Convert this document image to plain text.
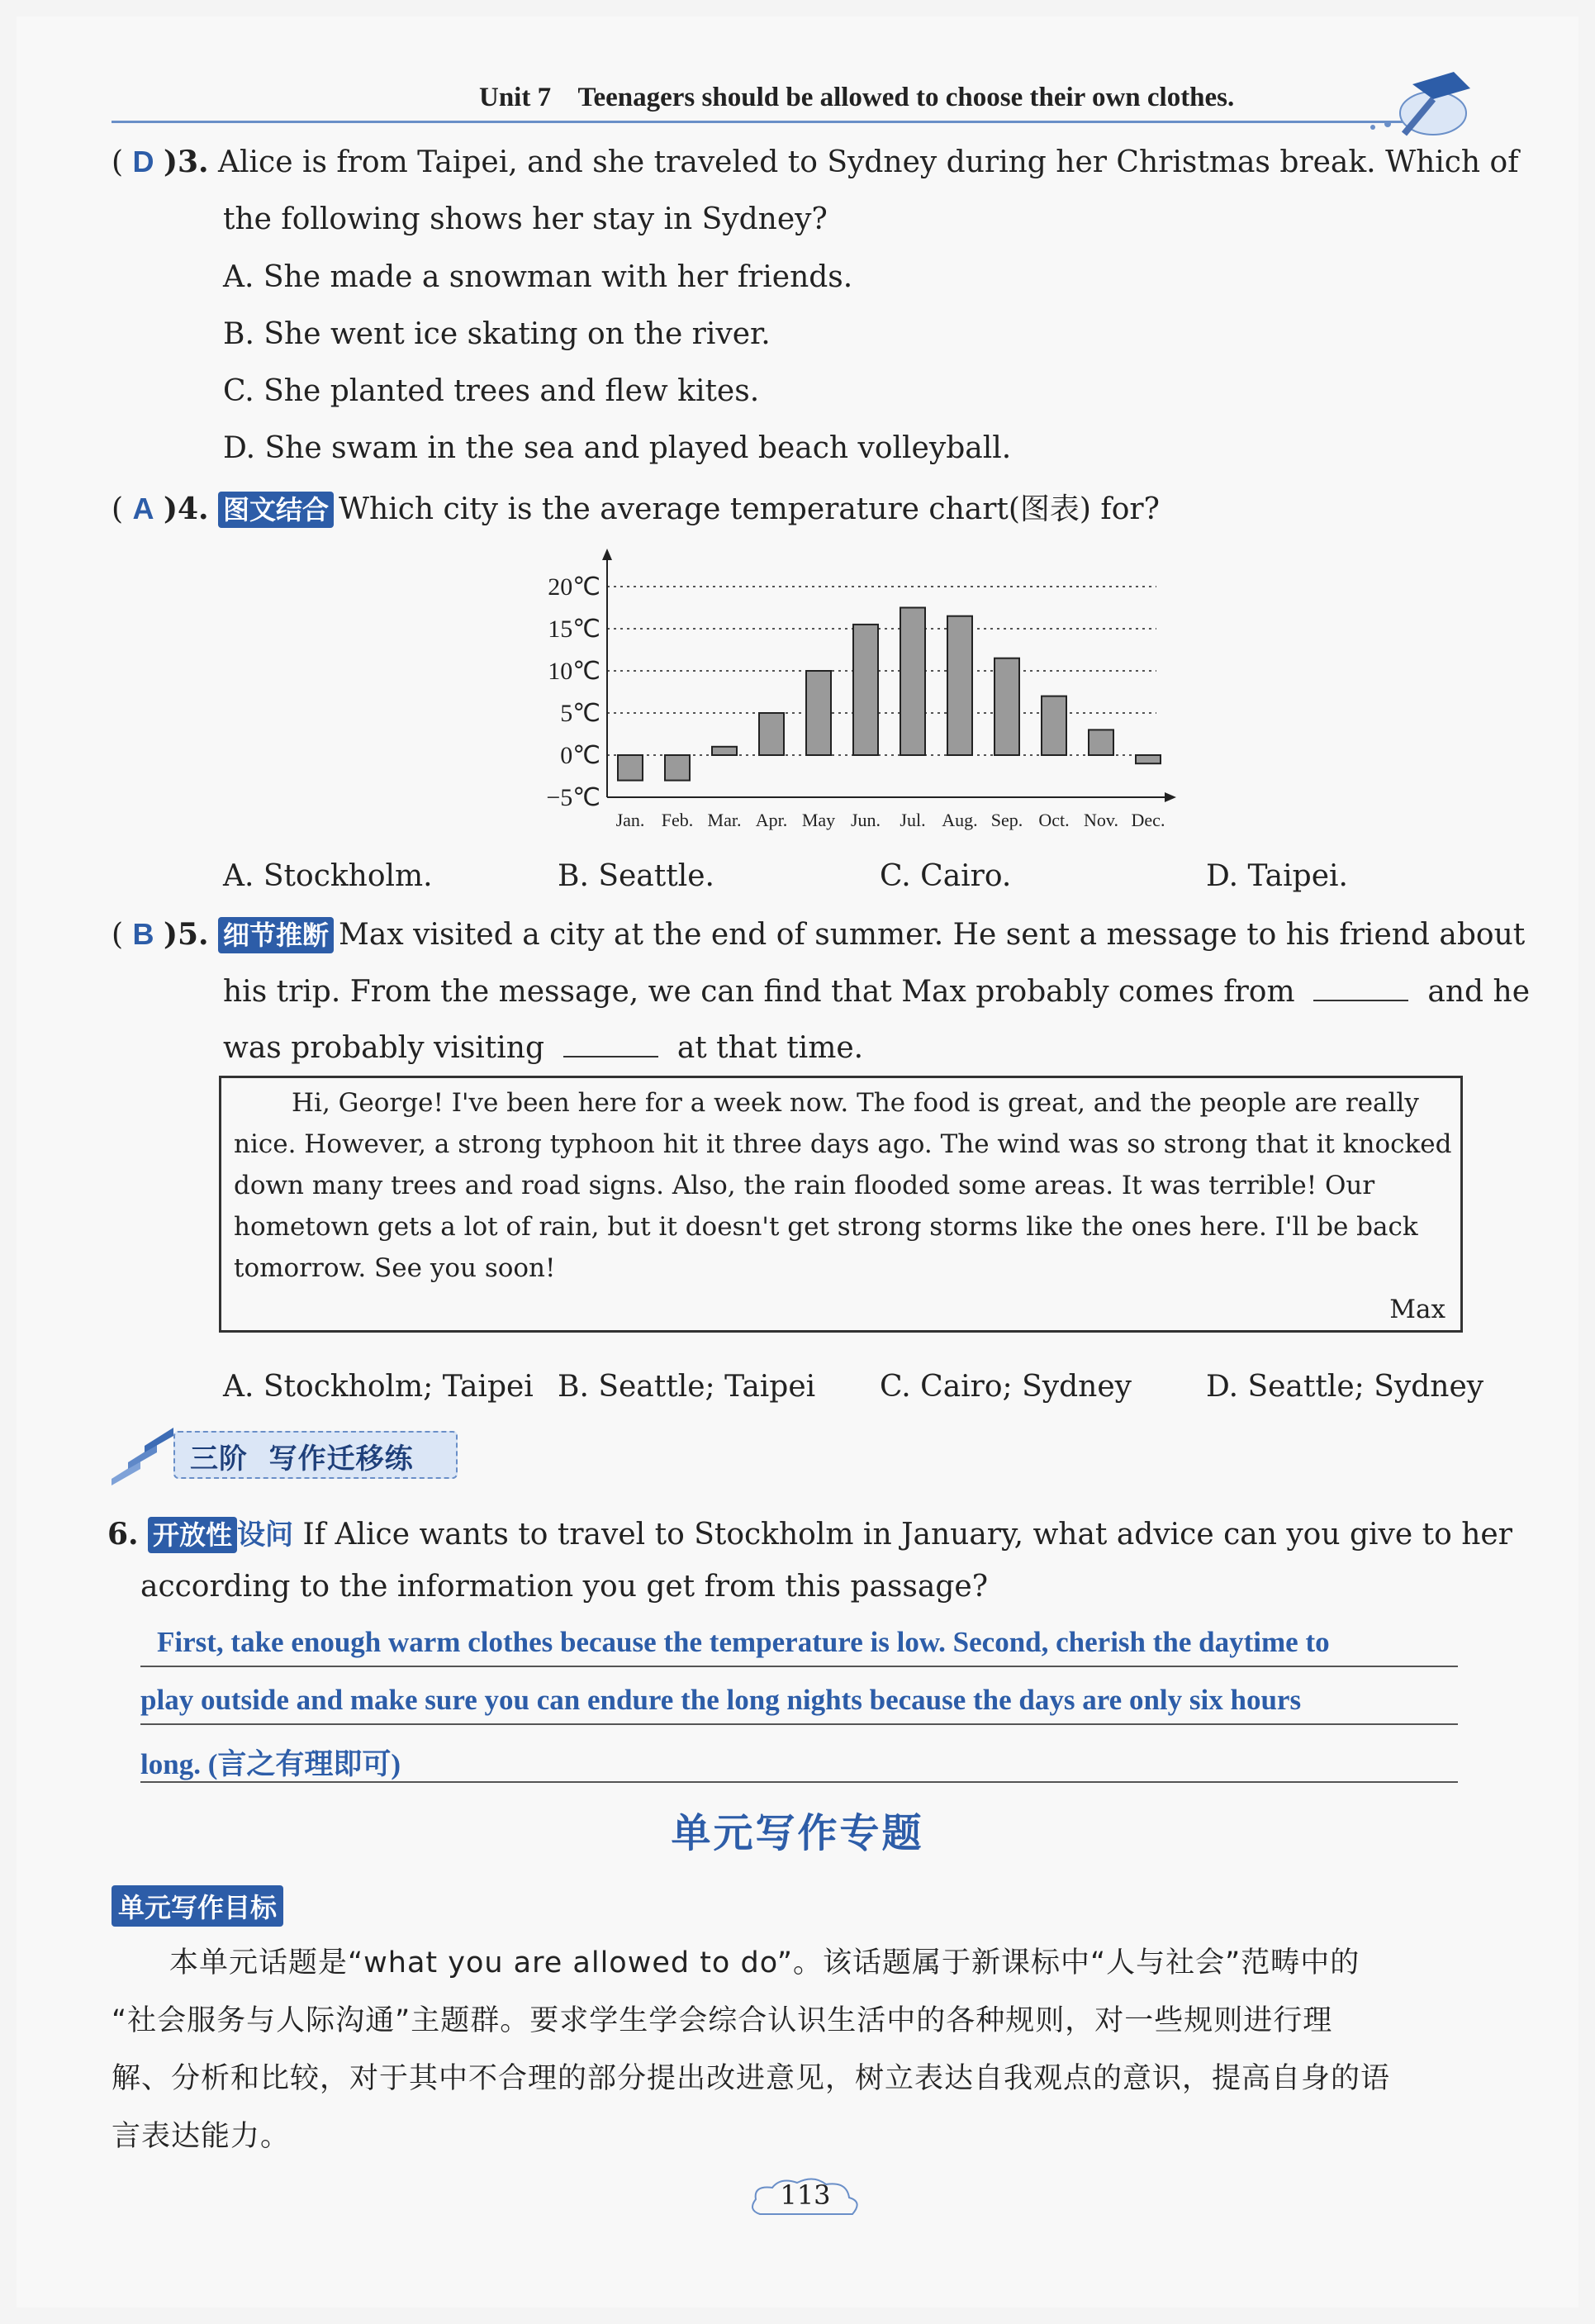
Unit 7 Teenagers should be allowed to choose their own clothes.
( D )3. Alice is from Taipei, and she traveled to Sydney during her Christmas break. Which of
the following shows her stay in Sydney?
A. She made a snowman with her friends.
B. She went ice skating on the river.
C. She planted trees and flew kites.
D. She swam in the sea and played beach volleyball.
( A )4. 图文结合 Which city is the average temperature chart(图表) for?
20℃
15℃
10℃
5℃
0℃
−5℃
Jan. Feb. Mar. Apr. May Jun. Jul. Aug. Sep. Oct. Nov. Dec.
A. Stockholm.	B. Seattle.	C. Cairo.	D. Taipei.
( B )5. 细节推断 Max visited a city at the end of summer. He sent a message to his friend about
his trip. From the message, we can find that Max probably comes from	and he
was probably visiting	at that time.
Hi, George! I've been here for a week now. The food is great, and the people are really
nice. However, a strong typhoon hit it three days ago. The wind was so strong that it knocked
down many trees and road signs. Also, the rain flooded some areas. It was terrible! Our
hometown gets a lot of rain, but it doesn't get strong storms like the ones here. I'll be back
tomorrow. See you soon!
Max
A. Stockholm; Taipei B. Seattle; Taipei C. Cairo; Sydney	D. Seattle; Sydney
三阶  写作迁移练
6. 开放性 设问 If Alice wants to travel to Stockholm in January, what advice can you give to her
according to the information you get from this passage?
First, take enough warm clothes because the temperature is low. Second, cherish the daytime to
play outside and make sure you can endure the long nights because the days are only six hours
long. (言之有理即可)
单元写作专题
单元写作目标
本单元话题是“what you are allowed to do”。该话题属于新课标中“人与社会”范畴中的
“社会服务与人际沟通”主题群。要求学生学会综合认识生活中的各种规则，对一些规则进行理
解、分析和比较，对于其中不合理的部分提出改进意见，树立表达自我观点的意识，提高自身的语
言表达能力。
113
